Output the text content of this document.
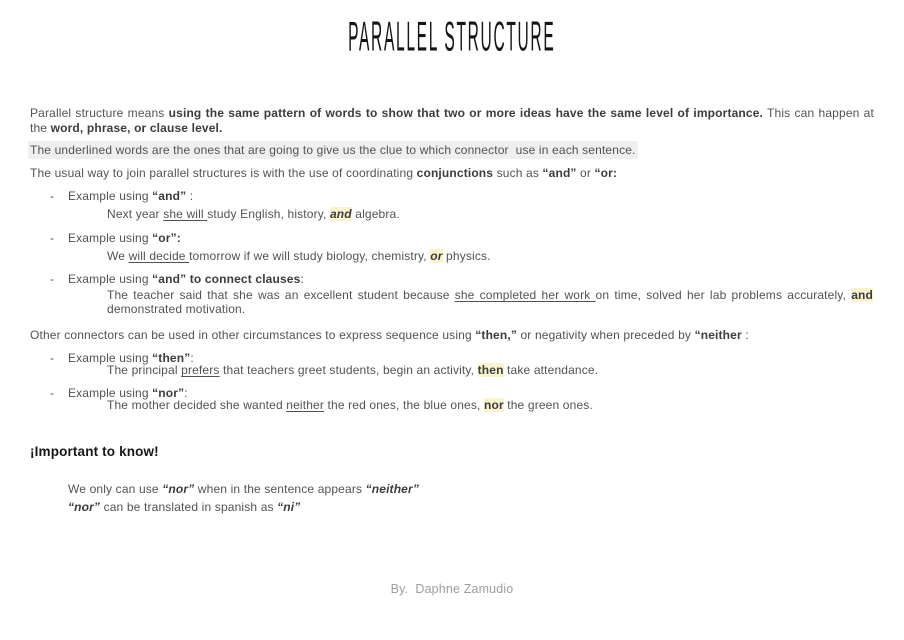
PARALLEL STRUCTURE

Parallel structure means using the same pattern of words to show that two or more ideas have the same level of importance. This can happen at the word, phrase, or clause level.

The underlined words are the ones that are going to give us the clue to which connector  use in each sentence.

The usual way to join parallel structures is with the use of coordinating conjunctions such as “and” or “or:

- Example using “and” :

Next year she will study English, history, and algebra.

- Example using “or”:

We will decide tomorrow if we will study biology, chemistry, or physics.

- Example using “and” to connect clauses:

The teacher said that she was an excellent student because she completed her work on time, solved her lab problems accurately, and demonstrated motivation.

Other connectors can be used in other circumstances to express sequence using “then,” or negativity when preceded by “neither :

- Example using “then”:

The principal prefers that teachers greet students, begin an activity, then take attendance.

- Example using “nor”:

The mother decided she wanted neither the red ones, the blue ones, nor the green ones.

¡Important to know!

We only can use “nor” when in the sentence appears “neither”

“nor” can be translated in spanish as “ni”

By.  Daphne Zamudio
